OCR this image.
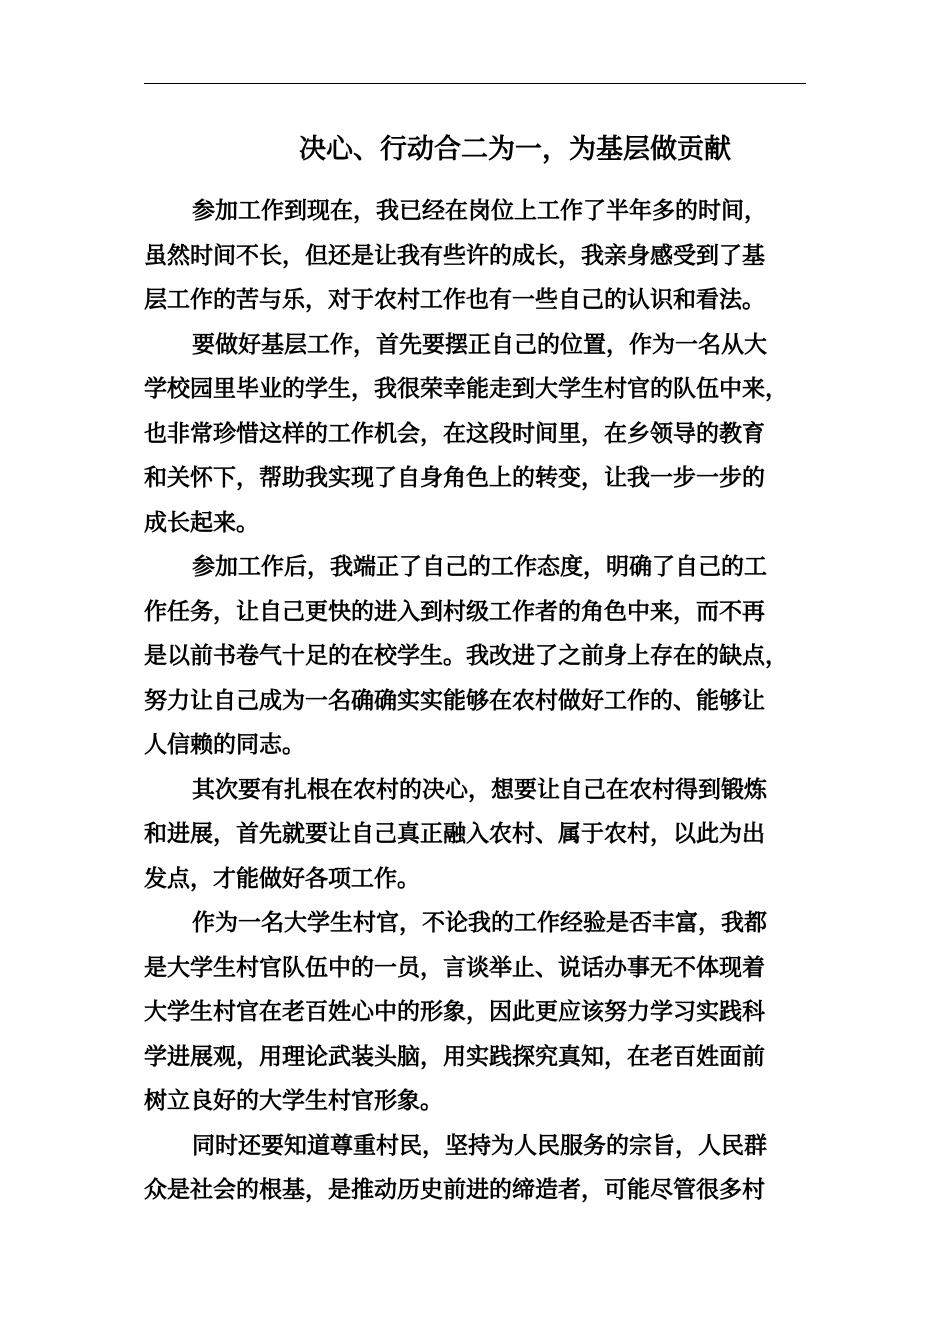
决心、行动合二为一，为基层做贡献
参加工作到现在，我已经在岗位上工作了半年多的时间，
虽然时间不长，但还是让我有些许的成长，我亲身感受到了基
层工作的苦与乐，对于农村工作也有一些自己的认识和看法。
要做好基层工作，首先要摆正自己的位置，作为一名从大
学校园里毕业的学生，我很荣幸能走到大学生村官的队伍中来，
也非常珍惜这样的工作机会，在这段时间里，在乡领导的教育
和关怀下，帮助我实现了自身角色上的转变，让我一步一步的
成长起来。
参加工作后，我端正了自己的工作态度，明确了自己的工
作任务，让自己更快的进入到村级工作者的角色中来，而不再
是以前书卷气十足的在校学生。我改进了之前身上存在的缺点，
努力让自己成为一名确确实实能够在农村做好工作的、能够让
人信赖的同志。
其次要有扎根在农村的决心，想要让自己在农村得到锻炼
和进展，首先就要让自己真正融入农村、属于农村，以此为出
发点，才能做好各项工作。
作为一名大学生村官，不论我的工作经验是否丰富，我都
是大学生村官队伍中的一员，言谈举止、说话办事无不体现着
大学生村官在老百姓心中的形象，因此更应该努力学习实践科
学进展观，用理论武装头脑，用实践探究真知，在老百姓面前
树立良好的大学生村官形象。
同时还要知道尊重村民，坚持为人民服务的宗旨，人民群
众是社会的根基，是推动历史前进的缔造者，可能尽管很多村
